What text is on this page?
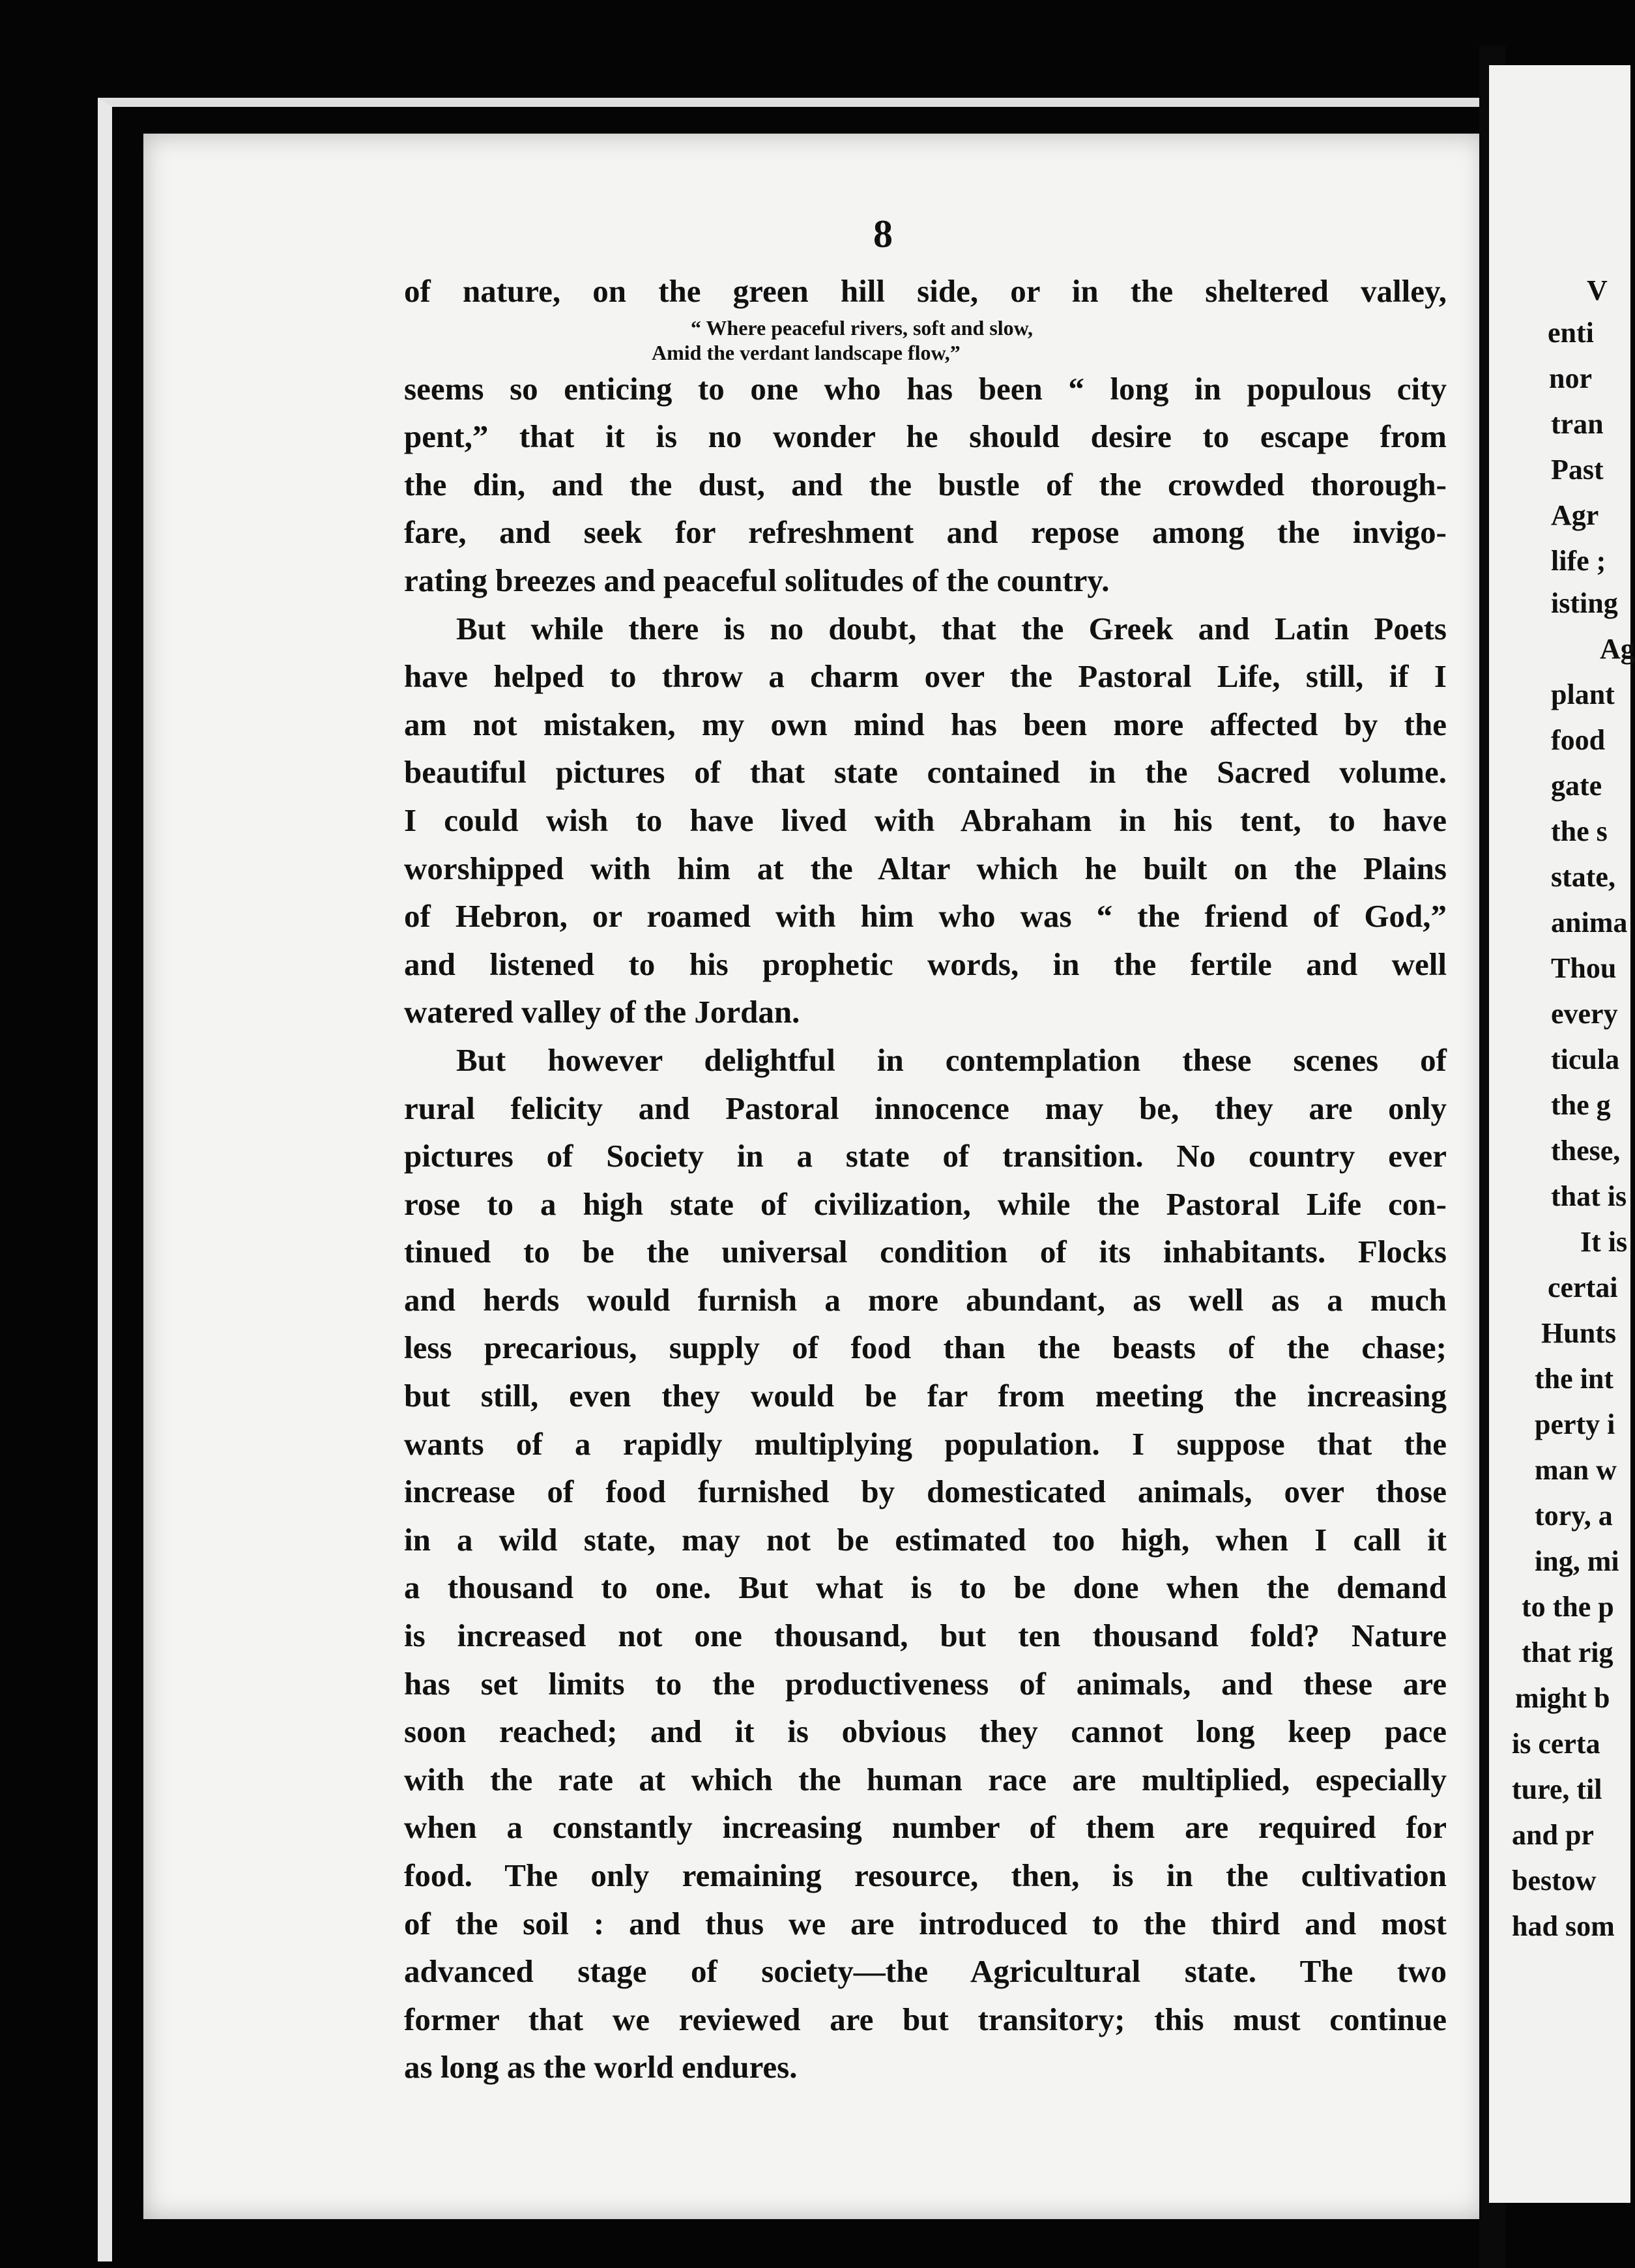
V
enti
nor
tran
Past
Agr
life ;
isting
Ag
plant
food
gate
the s
state,
anima
Thou
every
ticula
the g
these,
that is
It is
certai
Hunts
the int
perty i
man w
tory, a
ing, mi
to the p
that rig
might b
is certa
ture, til
and pr
bestow
had som
8
of nature, on the green hill side, or in the sheltered valley,
“ Where peaceful rivers, soft and slow,
Amid the verdant landscape flow,”
seems so enticing to one who has been “ long in populous city
pent,” that it is no wonder he should desire to escape from
the din, and the dust, and the bustle of the crowded thorough-
fare, and seek for refreshment and repose among the invigo-
rating breezes and peaceful solitudes of the country.
But while there is no doubt, that the Greek and Latin Poets
have helped to throw a charm over the Pastoral Life, still, if I
am not mistaken, my own mind has been more affected by the
beautiful pictures of that state contained in the Sacred volume.
I could wish to have lived with Abraham in his tent, to have
worshipped with him at the Altar which he built on the Plains
of Hebron, or roamed with him who was “ the friend of God,”
and listened to his prophetic words, in the fertile and well
watered valley of the Jordan.
But however delightful in contemplation these scenes of
rural felicity and Pastoral innocence may be, they are only
pictures of Society in a state of transition. No country ever
rose to a high state of civilization, while the Pastoral Life con-
tinued to be the universal condition of its inhabitants. Flocks
and herds would furnish a more abundant, as well as a much
less precarious, supply of food than the beasts of the chase;
but still, even they would be far from meeting the increasing
wants of a rapidly multiplying population. I suppose that the
increase of food furnished by domesticated animals, over those
in a wild state, may not be estimated too high, when I call it
a thousand to one. But what is to be done when the demand
is increased not one thousand, but ten thousand fold? Nature
has set limits to the productiveness of animals, and these are
soon reached; and it is obvious they cannot long keep pace
with the rate at which the human race are multiplied, especially
when a constantly increasing number of them are required for
food. The only remaining resource, then, is in the cultivation
of the soil : and thus we are introduced to the third and most
advanced stage of society—the Agricultural state. The two
former that we reviewed are but transitory; this must continue
as long as the world endures.
